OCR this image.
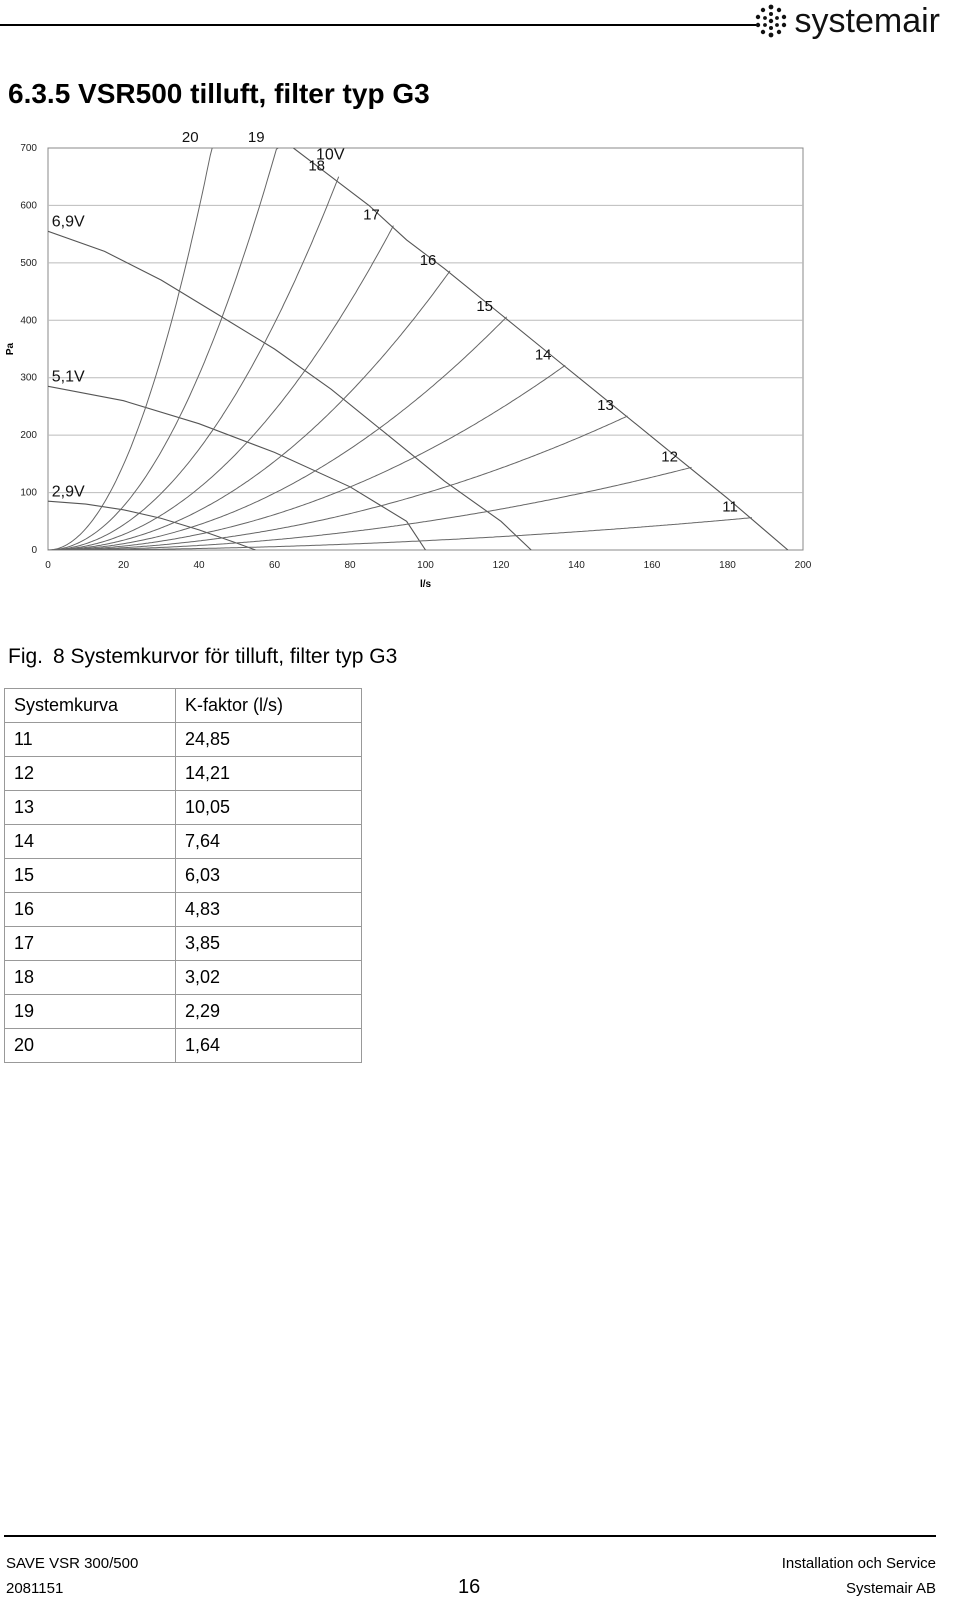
systemair
6.3.5 VSR500 tilluft, filter typ G3
0
100
200
300
400
500
600
700
0	20	40	60	80	100	120	140	160	180	200
l/s
Pa
10V
6,9V
5,1V
2,9V
11
12
13
14
15
16
17
18
19
20
Fig. 8 Systemkurvor för tilluft, filter typ G3
Systemkurva	K-faktor (l/s)
11	24,85
12	14,21
13	10,05
14	7,64
15	6,03
16	4,83
17	3,85
18	3,02
19	2,29
20	1,64
SAVE VSR 300/500
2081151	16
Installation och Service
Systemair AB
